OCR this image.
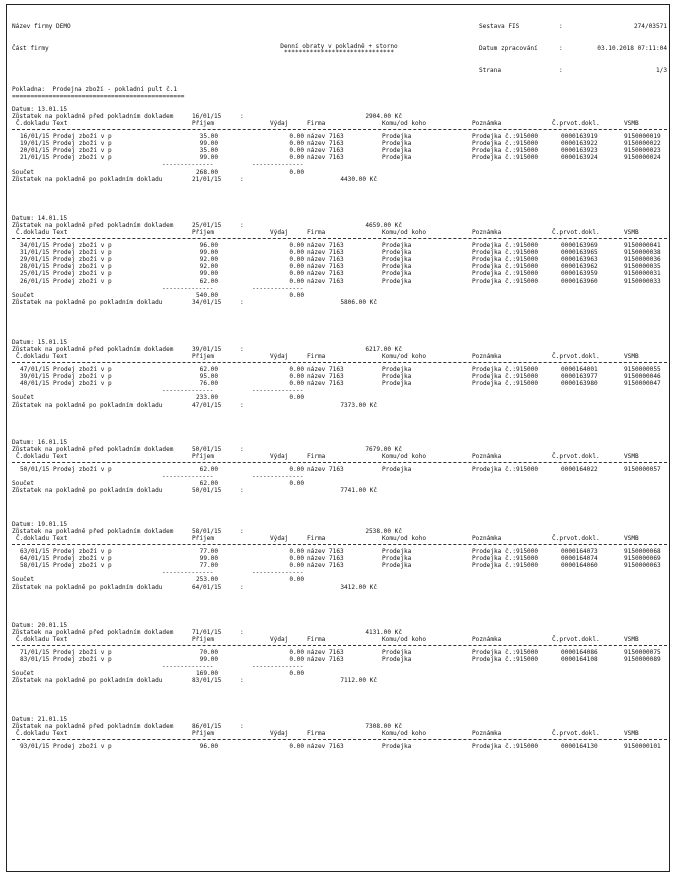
Název firmy DEMO

Část firmy

Sestava FIS	:	274/03571

Datum zpracování	:	03.10.2018 07:11:04

Strana	:	1/3

Denní obraty v pokladně + storno
******************************
Pokladna:  Prodejna zboží - pokladní pult č.1
===============================================
Datum: 13.01.15
Zůstatek na pokladně před pokladním dokladem	16/01/15	:	2904.00 Kč
Č.dokladu Text	Příjem	Výdaj	Firma	Komu/od koho	Poznámka	Č.prvot.dokl.	VSMB
16/01/15 Prodej zboží v p	35.00	0.00 název 7163	Prodejka	Prodejka č.:915000	0000163919	9150000019
19/01/15 Prodej zboží v p	99.00	0.00 název 7163	Prodejka	Prodejka č.:915000	0000163922	9150000022
20/01/15 Prodej zboží v p	35.00	0.00 název 7163	Prodejka	Prodejka č.:915000	0000163923	9150000023
21/01/15 Prodej zboží v p	99.00	0.00 název 7163	Prodejka	Prodejka č.:915000	0000163924	9150000024
--------------	--------------
Součet	268.00	0.00
Zůstatek na pokladně po pokladním dokladu	21/01/15	:	4430.00 Kč
Datum: 14.01.15
Zůstatek na pokladně před pokladním dokladem	25/01/15	:	4659.00 Kč
Č.dokladu Text	Příjem	Výdaj	Firma	Komu/od koho	Poznámka	Č.prvot.dokl.	VSMB
34/01/15 Prodej zboží v p	96.00	0.00 název 7163	Prodejka	Prodejka č.:915000	0000163969	9150000041
31/01/15 Prodej zboží v p	99.00	0.00 název 7163	Prodejka	Prodejka č.:915000	0000163965	9150000038
29/01/15 Prodej zboží v p	92.00	0.00 název 7163	Prodejka	Prodejka č.:915000	0000163963	9150000036
28/01/15 Prodej zboží v p	92.00	0.00 název 7163	Prodejka	Prodejka č.:915000	0000163962	9150000035
25/01/15 Prodej zboží v p	99.00	0.00 název 7163	Prodejka	Prodejka č.:915000	0000163959	9150000031
26/01/15 Prodej zboží v p	62.00	0.00 název 7163	Prodejka	Prodejka č.:915000	0000163960	9150000033
--------------	--------------
Součet	540.00	0.00
Zůstatek na pokladně po pokladním dokladu	34/01/15	:	5806.00 Kč
Datum: 15.01.15
Zůstatek na pokladně před pokladním dokladem	39/01/15	:	6217.00 Kč
Č.dokladu Text	Příjem	Výdaj	Firma	Komu/od koho	Poznámka	Č.prvot.dokl.	VSMB
47/01/15 Prodej zboží v p	62.00	0.00 název 7163	Prodejka	Prodejka č.:915000	0000164001	9150000055
39/01/15 Prodej zboží v p	95.00	0.00 název 7163	Prodejka	Prodejka č.:915000	0000163977	9150000046
40/01/15 Prodej zboží v p	76.00	0.00 název 7163	Prodejka	Prodejka č.:915000	0000163980	9150000047
--------------	--------------
Součet	233.00	0.00
Zůstatek na pokladně po pokladním dokladu	47/01/15	:	7373.00 Kč
Datum: 16.01.15
Zůstatek na pokladně před pokladním dokladem	50/01/15	:	7679.00 Kč
Č.dokladu Text	Příjem	Výdaj	Firma	Komu/od koho	Poznámka	Č.prvot.dokl.	VSMB
50/01/15 Prodej zboží v p	62.00	0.00 název 7163	Prodejka	Prodejka č.:915000	0000164022	9150000057
--------------	--------------
Součet	62.00	0.00
Zůstatek na pokladně po pokladním dokladu	50/01/15	:	7741.00 Kč
Datum: 19.01.15
Zůstatek na pokladně před pokladním dokladem	58/01/15	:	2538.00 Kč
Č.dokladu Text	Příjem	Výdaj	Firma	Komu/od koho	Poznámka	Č.prvot.dokl.	VSMB
63/01/15 Prodej zboží v p	77.00	0.00 název 7163	Prodejka	Prodejka č.:915000	0000164073	9150000068
64/01/15 Prodej zboží v p	99.00	0.00 název 7163	Prodejka	Prodejka č.:915000	0000164074	9150000069
58/01/15 Prodej zboží v p	77.00	0.00 název 7163	Prodejka	Prodejka č.:915000	0000164060	9150000063
--------------	--------------
Součet	253.00	0.00
Zůstatek na pokladně po pokladním dokladu	64/01/15	:	3412.00 Kč
Datum: 20.01.15
Zůstatek na pokladně před pokladním dokladem	71/01/15	:	4131.00 Kč
Č.dokladu Text	Příjem	Výdaj	Firma	Komu/od koho	Poznámka	Č.prvot.dokl.	VSMB
71/01/15 Prodej zboží v p	70.00	0.00 název 7163	Prodejka	Prodejka č.:915000	0000164086	9150000075
83/01/15 Prodej zboží v p	99.00	0.00 název 7163	Prodejka	Prodejka č.:915000	0000164108	9150000089
--------------	--------------
Součet	169.00	0.00
Zůstatek na pokladně po pokladním dokladu	83/01/15	:	7112.00 Kč
Datum: 21.01.15
Zůstatek na pokladně před pokladním dokladem	86/01/15	:	7308.00 Kč
Č.dokladu Text	Příjem	Výdaj	Firma	Komu/od koho	Poznámka	Č.prvot.dokl.	VSMB
93/01/15 Prodej zboží v p	96.00	0.00 název 7163	Prodejka	Prodejka č.:915000	0000164130	9150000101
